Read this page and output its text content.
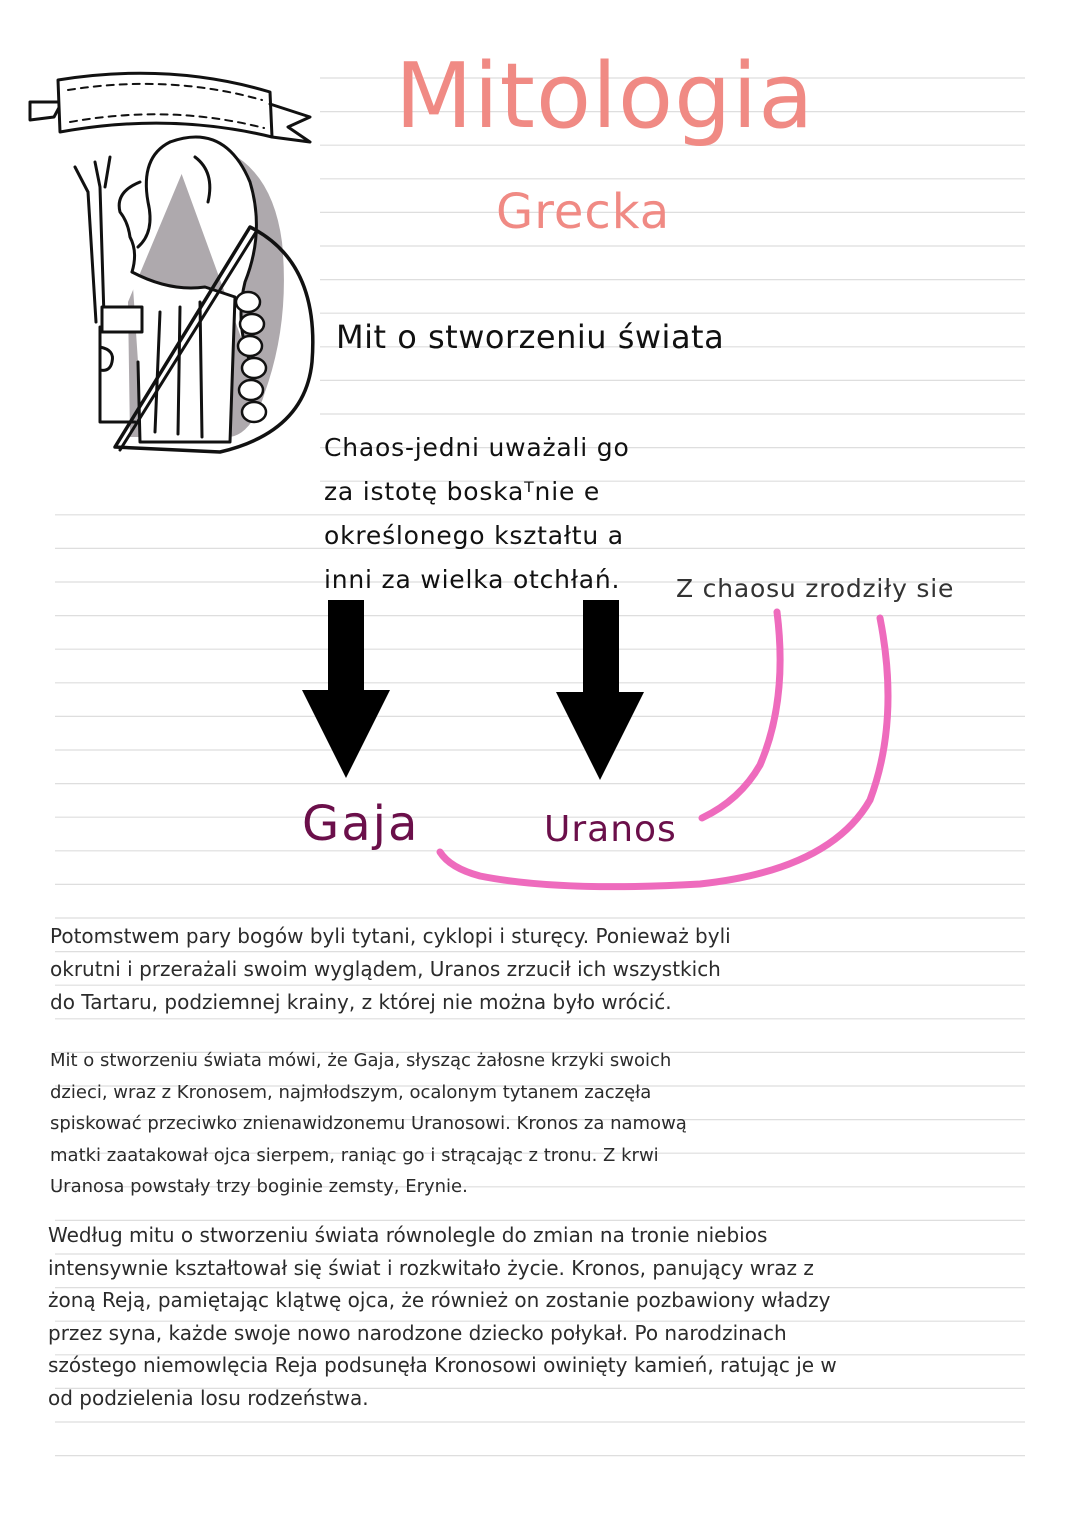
Mitologia
Grecka
Mit o stworzeniu świata
Chaos-jedni uważali go
za istotę boskaᵀnie e
określonego kształtu a
inni za wielka otchłań.	Z chaosu zrodziły sie
Gaja	Uranos
Potomstwem pary bogów byli tytani, cyklopi i sturęcy. Ponieważ byli
okrutni i przerażali swoim wyglądem, Uranos zrzucił ich wszystkich
do Tartaru, podziemnej krainy, z której nie można było wrócić.
Mit o stworzeniu świata mówi, że Gaja, słysząc żałosne krzyki swoich
dzieci, wraz z Kronosem, najmłodszym, ocalonym tytanem zaczęła
spiskować przeciwko znienawidzonemu Uranosowi. Kronos za namową
matki zaatakował ojca sierpem, raniąc go i strącając z tronu. Z krwi
Uranosa powstały trzy boginie zemsty, Erynie.
Według mitu o stworzeniu świata równolegle do zmian na tronie niebios
intensywnie kształtował się świat i rozkwitało życie. Kronos, panujący wraz z
żoną Reją, pamiętając klątwę ojca, że również on zostanie pozbawiony władzy
przez syna, każde swoje nowo narodzone dziecko połykał. Po narodzinach
szóstego niemowlęcia Reja podsunęła Kronosowi owinięty kamień, ratując je w
od podzielenia losu rodzeństwa.
